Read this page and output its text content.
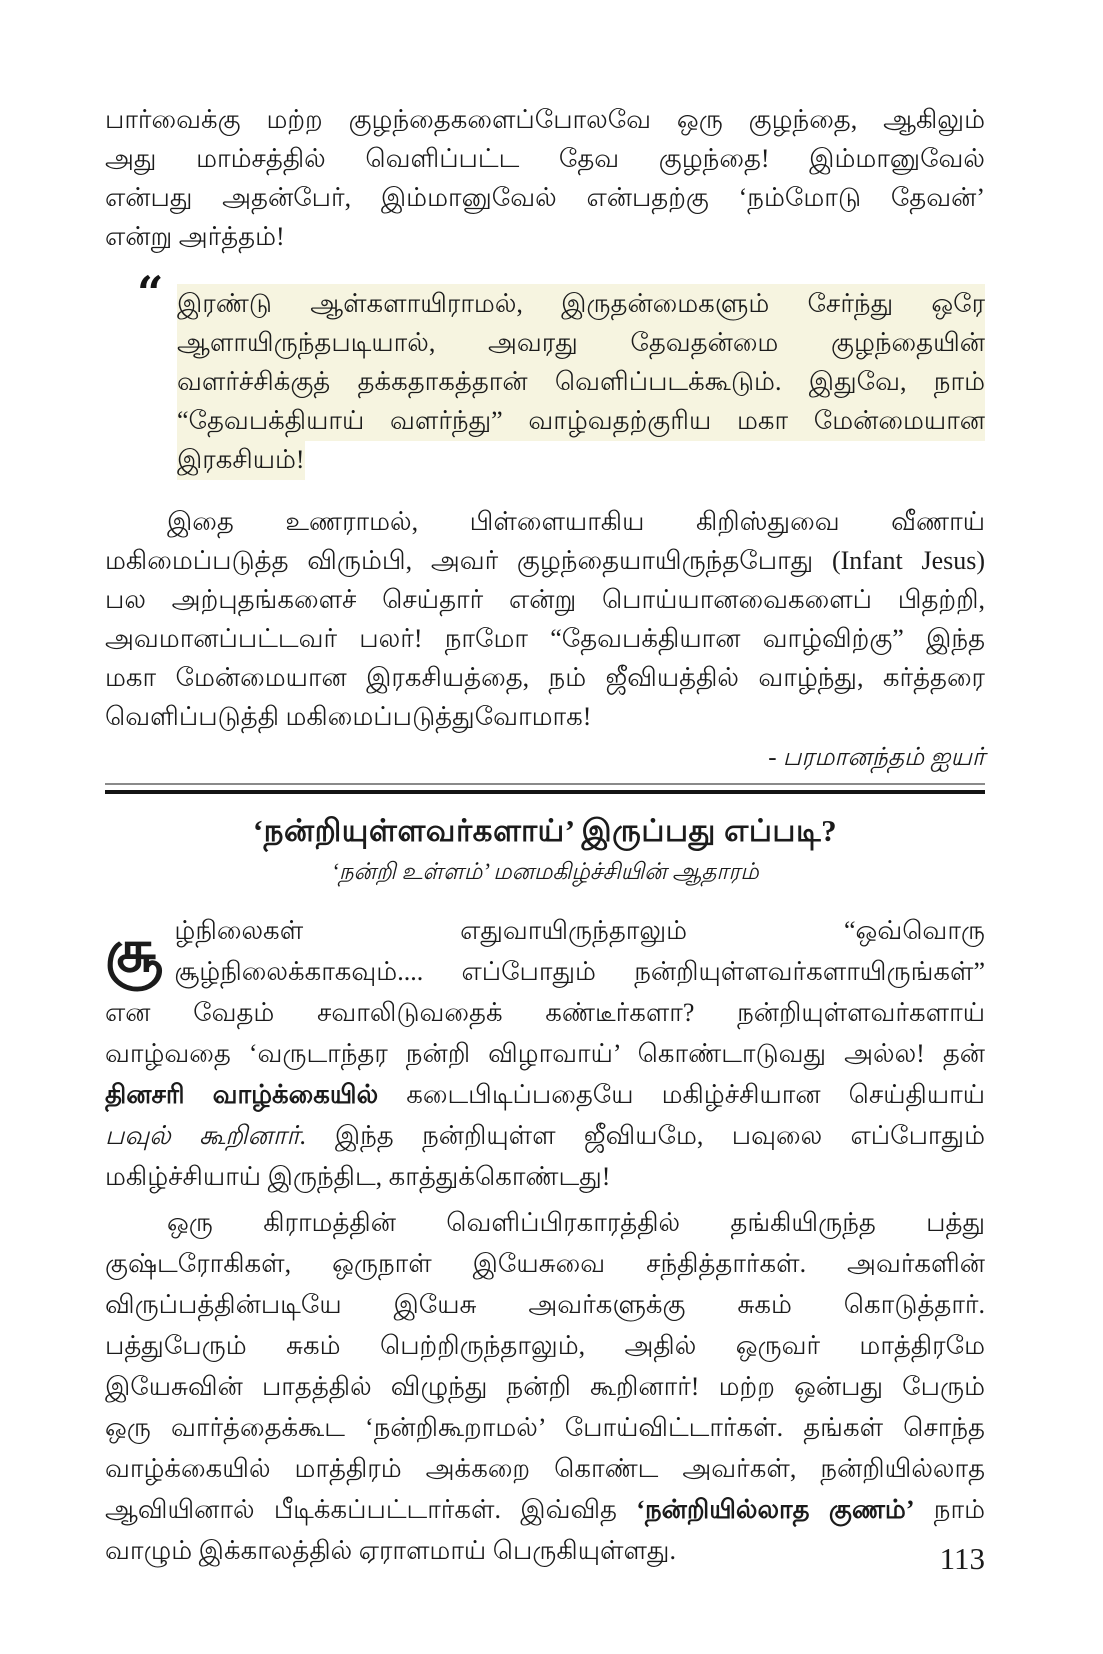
பார்வைக்கு மற்ற குழந்தைகளைப்போலவே ஒரு குழந்தை, ஆகிலும்
அது மாம்சத்தில் வெளிப்பட்ட தேவ குழந்தை! இம்மானுவேல்
என்பது அதன்பேர், இம்மானுவேல் என்பதற்கு ‘நம்மோடு தேவன்’
என்று அர்த்தம்!
“ இரண்டு ஆள்களாயிராமல், இருதன்மைகளும் சேர்ந்து ஒரே
ஆளாயிருந்தபடியால், அவரது தேவதன்மை குழந்தையின்
வளர்ச்சிக்குத் தக்கதாகத்தான் வெளிப்படக்கூடும். இதுவே, நாம்
“தேவபக்தியாய் வளர்ந்து” வாழ்வதற்குரிய மகா மேன்மையான
இரகசியம்!
இதை உணராமல், பிள்ளையாகிய கிறிஸ்துவை வீணாய்
மகிமைப்படுத்த விரும்பி, அவர் குழந்தையாயிருந்தபோது (Infant Jesus)
பல அற்புதங்களைச் செய்தார் என்று பொய்யானவைகளைப் பிதற்றி,
அவமானப்பட்டவர் பலர்! நாமோ “தேவபக்தியான வாழ்விற்கு” இந்த
மகா மேன்மையான இரகசியத்தை, நம் ஜீவியத்தில் வாழ்ந்து, கர்த்தரை
வெளிப்படுத்தி மகிமைப்படுத்துவோமாக!
- பரமானந்தம் ஐயர்
‘நன்றியுள்ளவர்களாய்’ இருப்பது எப்படி?
‘நன்றி உள்ளம்’ மனமகிழ்ச்சியின் ஆதாரம்
சூ ழ்நிலைகள் எதுவாயிருந்தாலும் “ஒவ்வொரு
சூழ்நிலைக்காகவும்.... எப்போதும் நன்றியுள்ளவர்களாயிருங்கள்”
என வேதம் சவாலிடுவதைக் கண்டீர்களா? நன்றியுள்ளவர்களாய்
வாழ்வதை ‘வருடாந்தர நன்றி விழாவாய்’ கொண்டாடுவது அல்ல! தன்
தினசரி வாழ்க்கையில் கடைபிடிப்பதையே மகிழ்ச்சியான செய்தியாய்
பவுல் கூறினார். இந்த நன்றியுள்ள ஜீவியமே, பவுலை எப்போதும்
மகிழ்ச்சியாய் இருந்திட, காத்துக்கொண்டது!
ஒரு கிராமத்தின் வெளிப்பிரகாரத்தில் தங்கியிருந்த பத்து
குஷ்டரோகிகள், ஒருநாள் இயேசுவை சந்தித்தார்கள். அவர்களின்
விருப்பத்தின்படியே இயேசு அவர்களுக்கு சுகம் கொடுத்தார்.
பத்துபேரும் சுகம் பெற்றிருந்தாலும், அதில் ஒருவர் மாத்திரமே
இயேசுவின் பாதத்தில் விழுந்து நன்றி கூறினார்! மற்ற ஒன்பது பேரும்
ஒரு வார்த்தைக்கூட ‘நன்றிகூறாமல்’ போய்விட்டார்கள். தங்கள் சொந்த
வாழ்க்கையில் மாத்திரம் அக்கறை கொண்ட அவர்கள், நன்றியில்லாத
ஆவியினால் பீடிக்கப்பட்டார்கள். இவ்வித ‘நன்றியில்லாத குணம்’ நாம்
வாழும் இக்காலத்தில் ஏராளமாய் பெருகியுள்ளது.	113
